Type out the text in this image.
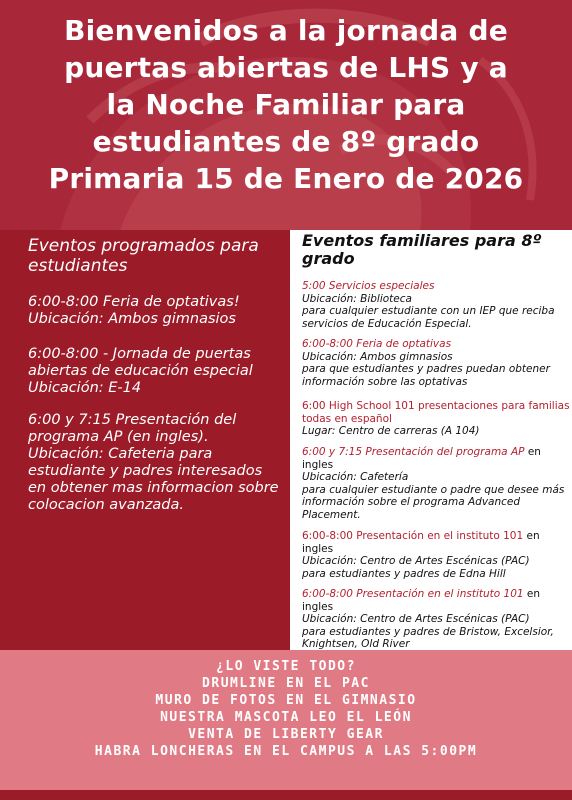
Bienvenidos a la jornada de
puertas abiertas de LHS y a
la Noche Familiar para
estudiantes de 8º grado
Primaria 15 de Enero de 2026
Eventos programados para estudiantes
6:00-8:00 Feria de optativas! Ubicación: Ambos gimnasios
6:00-8:00 - Jornada de puertas abiertas de educación especial Ubicación: E-14
6:00 y 7:15 Presentación del programa AP (en ingles). Ubicación: Cafeteria para estudiante y padres interesados en obtener mas informacion sobre colocacion avanzada.
Eventos familiares para 8º grado
5:00 Servicios especiales
Ubicación: Biblioteca
para cualquier estudiante con un IEP que reciba servicios de Educación Especial.
6:00-8:00 Feria de optativas
Ubicación: Ambos gimnasios
para que estudiantes y padres puedan obtener información sobre las optativas
6:00 High School 101 presentaciones para familias todas en español
Lugar: Centro de carreras (A 104)
6:00 y 7:15 Presentación del programa AP en ingles
Ubicación: Cafetería
para cualquier estudiante o padre que desee más información sobre el programa Advanced Placement.
6:00-8:00 Presentación en el instituto 101 en ingles
Ubicación: Centro de Artes Escénicas (PAC)
para estudiantes y padres de Edna Hill
6:00-8:00 Presentación en el instituto 101 en ingles
Ubicación: Centro de Artes Escénicas (PAC)
para estudiantes y padres de Bristow, Excelsior, Knightsen, Old River
¿LO VISTE TODO?
DRUMLINE EN EL PAC
MURO DE FOTOS EN EL GIMNASIO
NUESTRA MASCOTA LEO EL LEÓN
VENTA DE LIBERTY GEAR
HABRA LONCHERAS EN EL CAMPUS A LAS 5:00PM
